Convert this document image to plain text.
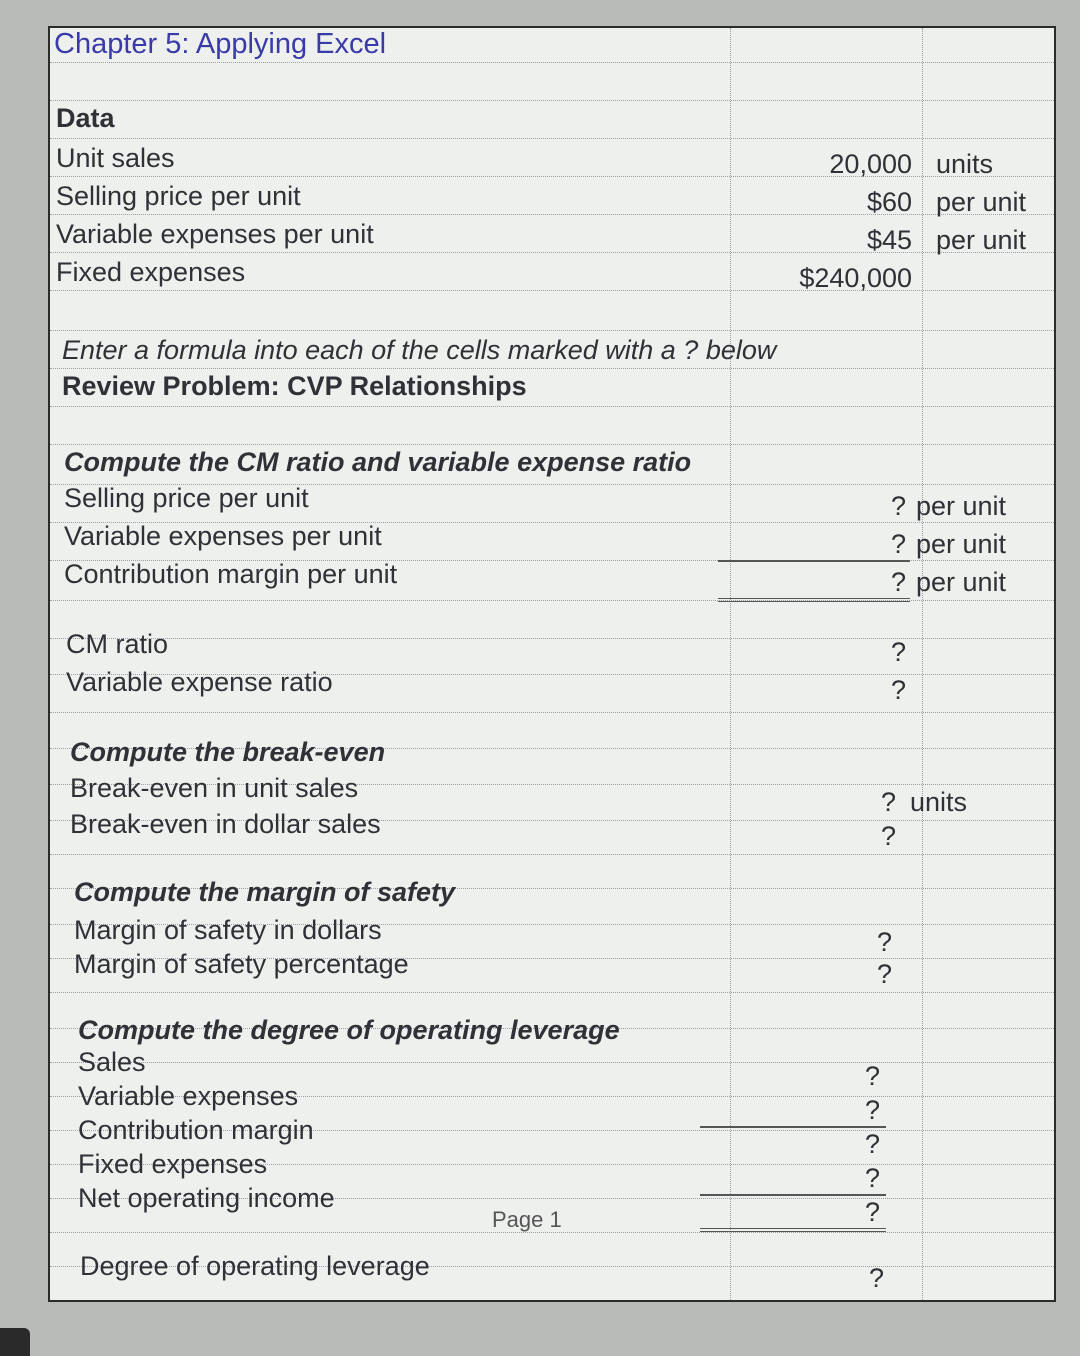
Chapter 5: Applying Excel
Data
Unit sales	20,000 units
Selling price per unit	$60 per unit
Variable expenses per unit	$45 per unit
Fixed expenses	$240,000
Enter a formula into each of the cells marked with a ? below
Review Problem: CVP Relationships
Compute the CM ratio and variable expense ratio
Selling price per unit	? per unit
Variable expenses per unit	? per unit
Contribution margin per unit	? per unit
CM ratio	?
Variable expense ratio	?
Compute the break-even
Break-even in unit sales	? units
Break-even in dollar sales	?
Compute the margin of safety
Margin of safety in dollars	?
Margin of safety percentage	?
Compute the degree of operating leverage
Sales	?
Variable expenses	?
Contribution margin	?
Fixed expenses	?
Net operating income	?
Page 1
Degree of operating leverage	?
